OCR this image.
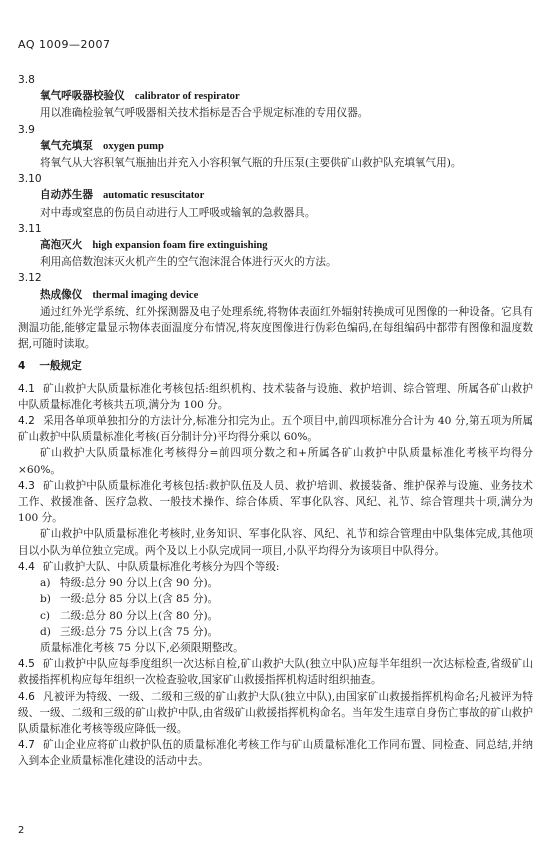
AQ 1009—2007
3.8
氧气呼吸器校验仪 calibrator of respirator
用以准确检验氧气呼吸器相关技术指标是否合乎规定标准的专用仪器。
3.9
氧气充填泵 oxygen pump
将氧气从大容积氧气瓶抽出并充入小容积氧气瓶的升压泵(主要供矿山救护队充填氧气用)。
3.10
自动苏生器 automatic resuscitator
对中毒或窒息的伤员自动进行人工呼吸或输氧的急救器具。
3.11
高泡灭火 high expansion foam fire extinguishing
利用高倍数泡沫灭火机产生的空气泡沫混合体进行灭火的方法。
3.12
热成像仪 thermal imaging device
通过红外光学系统、红外探测器及电子处理系统,将物体表面红外辐射转换成可见图像的一种设备。它具有测温功能,能够定量显示物体表面温度分布情况,将灰度图像进行伪彩色编码,在每组编码中都带有图像和温度数据,可随时读取。
4 一般规定
4.1 矿山救护大队质量标准化考核包括:组织机构、技术装备与设施、救护培训、综合管理、所属各矿山救护中队质量标准化考核共五项,满分为 100 分。
4.2 采用各单项单独扣分的方法计分,标准分扣完为止。五个项目中,前四项标准分合计为 40 分,第五项为所属矿山救护中队质量标准化考核(百分制计分)平均得分乘以 60%。
矿山救护大队质量标准化考核得分=前四项分数之和+所属各矿山救护中队质量标准化考核平均得分×60%。
4.3 矿山救护中队质量标准化考核包括:救护队伍及人员、救护培训、救援装备、维护保养与设施、业务技术工作、救援准备、医疗急救、一般技术操作、综合体质、军事化队容、风纪、礼节、综合管理共十项,满分为 100 分。
矿山救护中队质量标准化考核时,业务知识、军事化队容、风纪、礼节和综合管理由中队集体完成,其他项目以小队为单位独立完成。两个及以上小队完成同一项目,小队平均得分为该项目中队得分。
4.4 矿山救护大队、中队质量标准化考核分为四个等级:
a) 特级:总分 90 分以上(含 90 分)。
b) 一级:总分 85 分以上(含 85 分)。
c) 二级:总分 80 分以上(含 80 分)。
d) 三级:总分 75 分以上(含 75 分)。
质量标准化考核 75 分以下,必须限期整改。
4.5 矿山救护中队应每季度组织一次达标自检,矿山救护大队(独立中队)应每半年组织一次达标检查,省级矿山救援指挥机构应每年组织一次检查验收,国家矿山救援指挥机构适时组织抽查。
4.6 凡被评为特级、一级、二级和三级的矿山救护大队(独立中队),由国家矿山救援指挥机构命名;凡被评为特级、一级、二级和三级的矿山救护中队,由省级矿山救援指挥机构命名。当年发生违章自身伤亡事故的矿山救护队质量标准化考核等级应降低一级。
4.7 矿山企业应将矿山救护队伍的质量标准化考核工作与矿山质量标准化工作同布置、同检查、同总结,并纳入到本企业质量标准化建设的活动中去。
2
